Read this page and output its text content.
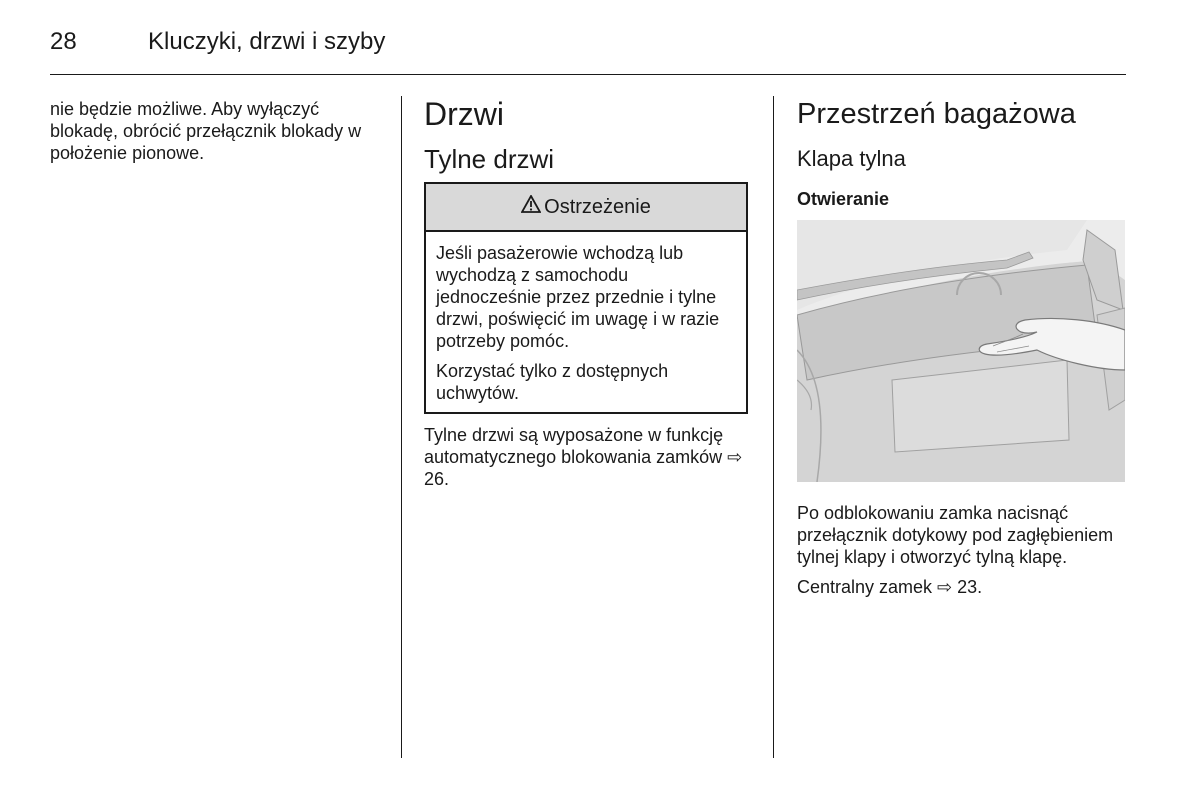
28	Kluczyki, drzwi i szyby

nie będzie możliwe. Aby wyłączyć blokadę, obrócić przełącznik blokady w położenie pionowe.

Drzwi
Tylne drzwi
Ostrzeżenie

Jeśli pasażerowie wchodzą lub wychodzą z samochodu jednocześnie przez przednie i tylne drzwi, poświęcić im uwagę i w razie potrzeby pomóc.

Korzystać tylko z dostępnych uchwytów.

Tylne drzwi są wyposażone w funkcję automatycznego blokowania zamków ⇨ 26.

Przestrzeń bagażowa
Klapa tylna
Otwieranie

Po odblokowaniu zamka nacisnąć przełącznik dotykowy pod zagłębieniem tylnej klapy i otworzyć tylną klapę.

Centralny zamek ⇨ 23.
